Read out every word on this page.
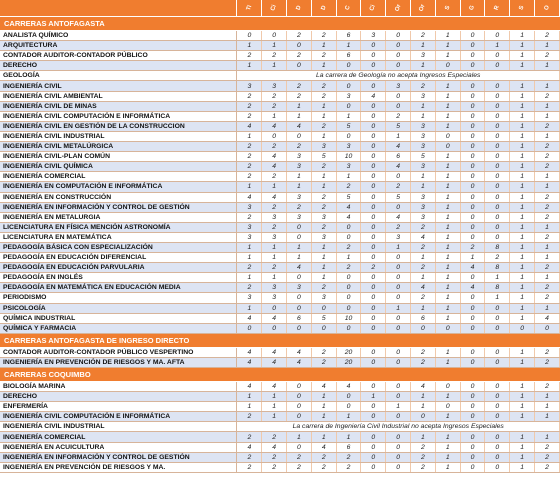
	Ti	Ci	D	D	C	Ci	Or	Or	S	G	R	S	O
CARRERAS ANTOFAGASTA													
ANALISTA QUÍMICO	0	0	2	2	6	3	0	2	1	0	0	1	2
ARQUITECTURA	1	1	0	1	1	0	0	1	1	0	1	1	1
CONTADOR AUDITOR-CONTADOR PÚBLICO	2	2	2	2	6	0	0	3	1	0	0	1	2
DERECHO	1	1	0	1	0	0	0	1	0	0	0	1	1
GEOLOGÍA	La carrera de Geología no acepta Ingresos Especiales												
INGENIERÍA CIVIL	3	3	2	2	0	0	3	2	1	0	0	1	1
INGENIERÍA CIVIL AMBIENTAL	2	2	2	2	3	4	0	3	1	0	0	1	2
INGENIERÍA CIVIL DE MINAS	2	2	1	1	0	0	0	1	1	0	0	1	1
INGENIERÍA CIVIL COMPUTACIÓN E INFORMÁTICA	2	1	1	1	1	0	2	1	1	0	0	1	1
INGENIERÍA CIVIL EN GESTIÓN DE LA CONSTRUCCION	4	4	4	2	5	0	5	3	1	0	0	1	2
INGENIERÍA CIVIL INDUSTRIAL	1	0	0	1	0	0	1	3	0	0	0	1	1
INGENIERÍA CIVIL METALÚRGICA	2	2	2	3	3	0	4	3	0	0	0	1	2
INGENIERÍA CIVIL-PLAN COMÚN	2	4	3	5	10	0	6	5	1	0	0	1	2
INGENIERÍA CIVIL QUÍMICA	2	4	3	2	3	0	4	3	1	0	0	1	2
INGENIERÍA COMERCIAL	2	2	1	1	1	0	0	1	1	0	0	1	1
INGENIERÍA EN COMPUTACIÓN E INFORMÁTICA	1	1	1	1	2	0	2	1	1	0	0	1	1
INGENIERÍA EN CONSTRUCCIÓN	4	4	3	2	5	0	5	3	1	0	0	1	2
INGENIERÍA EN INFORMACIÓN Y CONTROL DE GESTIÓN	3	2	2	2	4	0	0	3	1	0	0	1	2
INGENIERÍA EN METALURGIA	2	3	3	3	4	0	4	3	1	0	0	1	2
LICENCIATURA EN FÍSICA MENCIÓN ASTRONOMÍA	3	2	0	2	0	0	2	2	1	0	0	1	1
LICENCIATURA EN MATEMÁTICA	3	3	0	3	0	0	3	4	1	0	0	1	2
PEDAGOGÍA BÁSICA CON ESPECIALIZACIÓN	1	1	1	1	2	0	1	2	1	2	8	1	1
PEDAGOGÍA EN EDUCACIÓN DIFERENCIAL	1	1	1	1	1	0	0	1	1	1	2	1	1
PEDAGOGÍA EN EDUCACIÓN PARVULARIA	2	2	4	1	2	2	0	2	1	4	8	1	2
PEDAGOGÍA EN INGLÉS	1	1	0	1	0	0	0	1	1	0	1	1	1
PEDAGOGÍA EN MATEMÁTICA EN EDUCACIÓN MEDIA	2	3	3	2	0	0	0	4	1	4	8	1	2
PERIODISMO	3	3	0	3	0	0	0	2	1	0	1	1	2
PSICOLOGÍA	1	0	0	0	0	0	1	1	1	0	0	1	1
QUÍMICA INDUSTRIAL	4	4	6	5	10	0	0	6	1	0	0	1	4
QUÍMICA Y FARMACIA	0	0	0	0	0	0	0	0	0	0	0	0	0
CARRERAS ANTOFAGASTA DE INGRESO DIRECTO													
CONTADOR AUDITOR-CONTADOR PÚBLICO VESPERTINO	4	4	4	2	20	0	0	2	1	0	0	1	2
INGENIERÍA EN PREVENCIÓN DE RIESGOS Y MA. AFTA	4	4	4	2	20	0	0	2	1	0	0	1	2
CARRERAS COQUIMBO													
BIOLOGÍA MARINA	4	4	0	4	4	0	0	4	0	0	0	1	2
DERECHO	1	1	0	1	0	1	0	1	1	0	0	1	1
ENFERMERÍA	1	1	0	1	0	0	1	1	0	0	0	1	1
INGENIERÍA CIVIL COMPUTACIÓN E INFORMÁTICA	2	1	0	1	1	0	0	0	1	0	0	1	1
INGENIERÍA CIVIL INDUSTRIAL	La carrera de Ingeniería Civil Industrial no acepta Ingresos Especiales												
INGENIERÍA COMERCIAL	2	2	1	1	1	0	0	1	1	0	0	1	1
INGENIERÍA EN ACUICULTURA	4	4	0	4	6	0	0	2	1	0	0	1	2
INGENIERÍA EN INFORMACIÓN Y CONTROL DE GESTIÓN	2	2	2	2	2	0	0	2	1	0	0	1	2
INGENIERÍA EN PREVENCIÓN DE RIESGOS Y MA.	2	2	2	2	2	0	0	2	1	0	0	1	2
